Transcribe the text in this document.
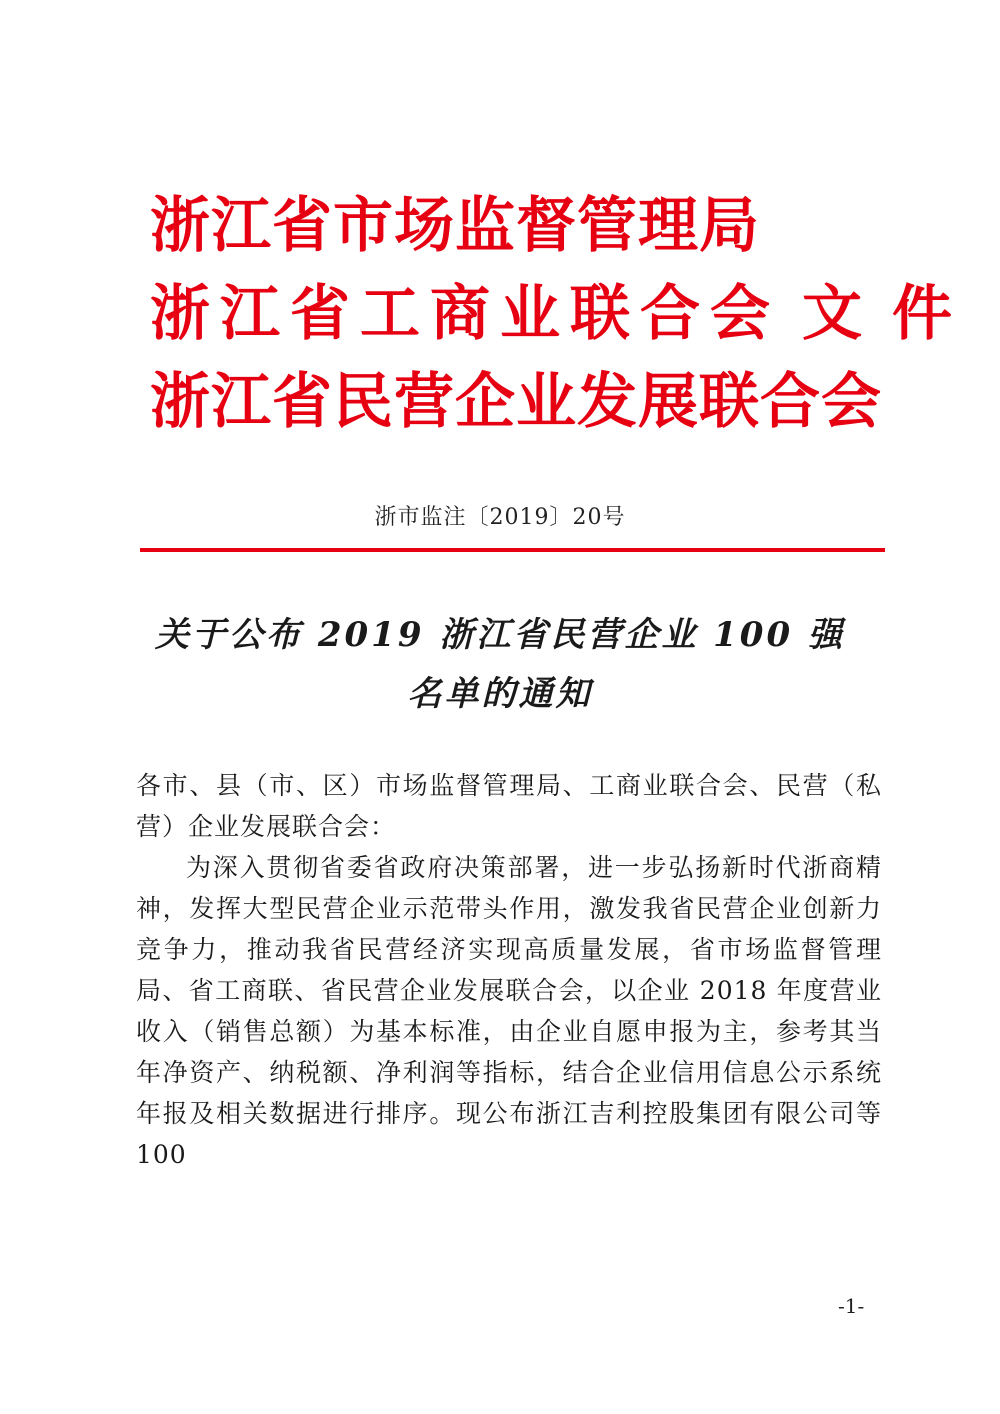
浙江省市场监督管理局
浙江省工商业联合会 文件
浙江省民营企业发展联合会
浙市监注〔2019〕20号
关于公布 2019 浙江省民营企业 100 强
名单的通知

各市、县（市、区）市场监督管理局、工商业联合会、民营（私营）企业发展联合会：

为深入贯彻省委省政府决策部署，进一步弘扬新时代浙商精神，发挥大型民营企业示范带头作用，激发我省民营企业创新力竞争力，推动我省民营经济实现高质量发展，省市场监督管理局、省工商联、省民营企业发展联合会，以企业 2018 年度营业收入（销售总额）为基本标准，由企业自愿申报为主，参考其当年净资产、纳税额、净利润等指标，结合企业信用信息公示系统年报及相关数据进行排序。现公布浙江吉利控股集团有限公司等 100

-1-
